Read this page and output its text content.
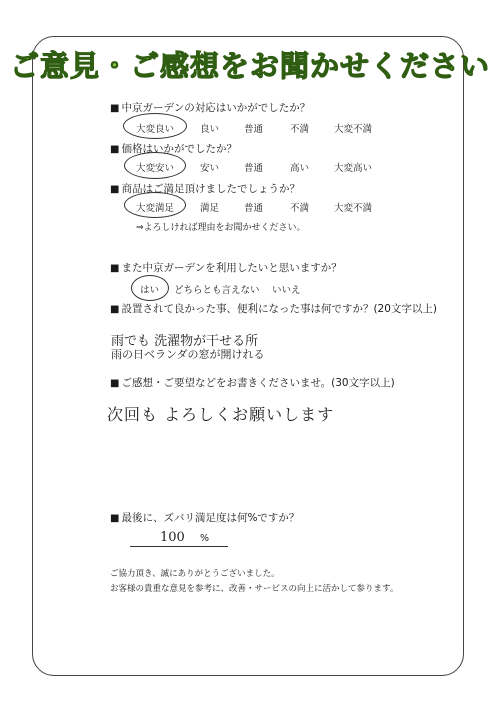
ご意見・ご感想をお聞かせください
■ 中京ガーデンの対応はいかがでしたか？
大変良い	良い	普通	不満	大変不満
■ 価格はいかがでしたか？
大変安い	安い	普通	高い	大変高い
■ 商品はご満足頂けましたでしょうか？
大変満足	満足	普通	不満	大変不満
⇒よろしければ理由をお聞かせください。
■ また中京ガーデンを利用したいと思いますか？
はい どちらとも言えない いいえ
■ 設置されて良かった事、便利になった事は何ですか？(20文字以上)
雨でも 洗濯物が干せる所
雨の日ベランダの窓が開けれる
■ ご感想・ご要望などをお書きくださいませ。(30文字以上)
次回も よろしくお願いします
■ 最後に、ズバリ満足度は何%ですか？
100 %
ご協力頂き、誠にありがとうございました。
お客様の貴重な意見を参考に、改善・サービスの向上に活かして参ります。
